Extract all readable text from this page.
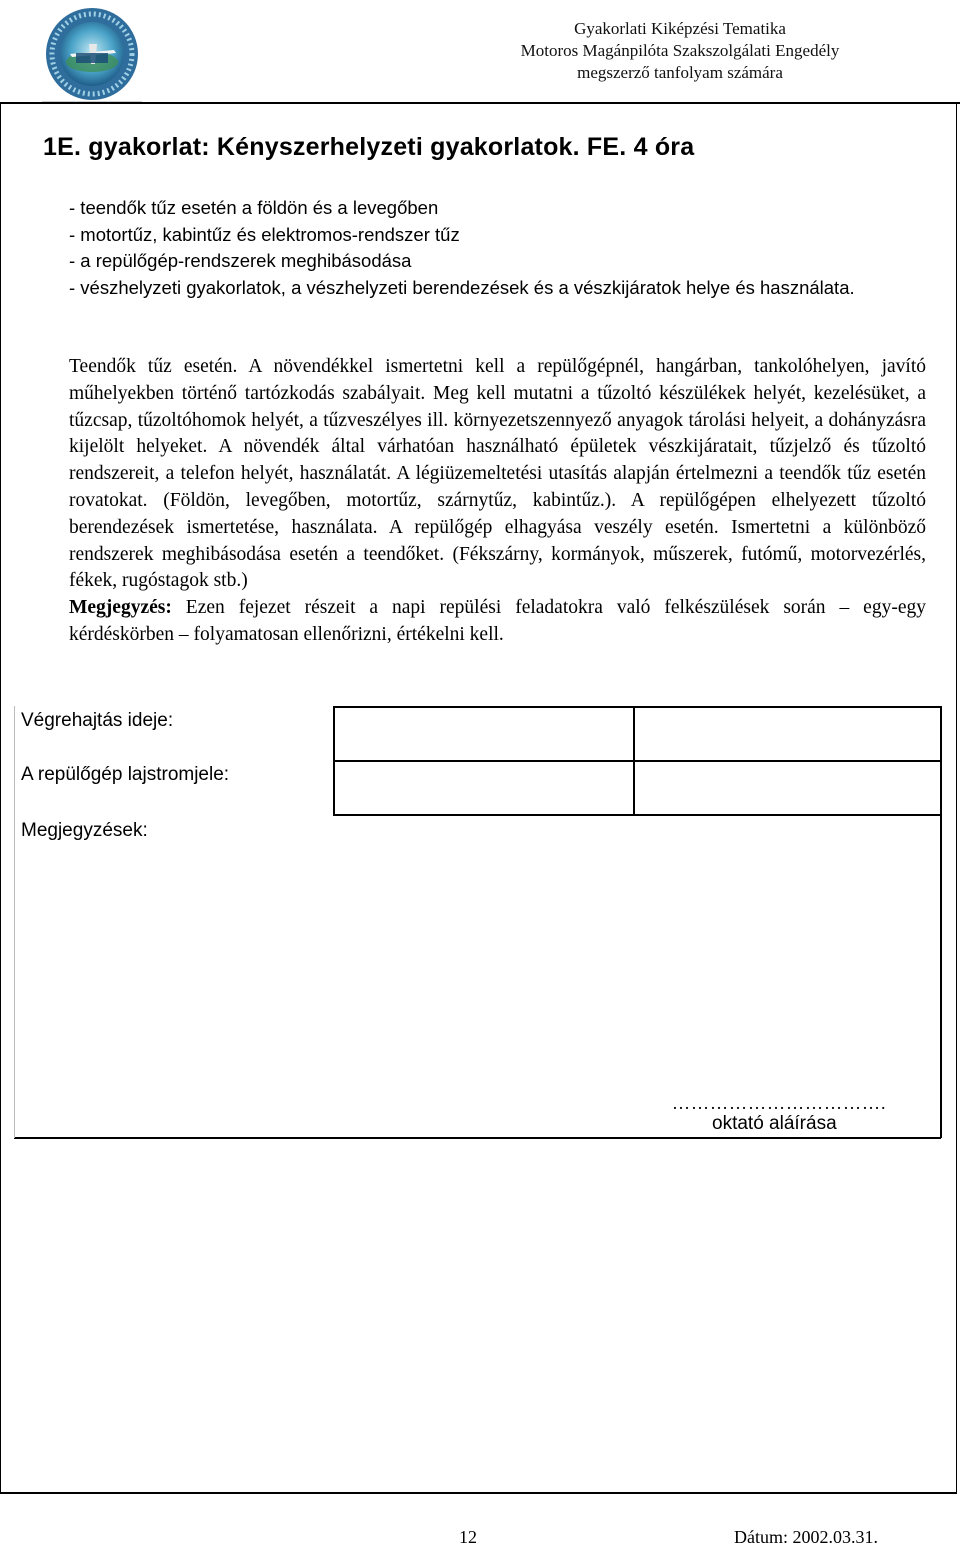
Gyakorlati Kiképzési Tematika
Motoros Magánpilóta Szakszolgálati Engedély
megszerző tanfolyam számára
1E. gyakorlat: Kényszerhelyzeti gyakorlatok. FE. 4 óra
- teendők tűz esetén a földön és a levegőben
- motortűz, kabintűz és elektromos-rendszer tűz
- a repülőgép-rendszerek meghibásodása
- vészhelyzeti gyakorlatok, a vészhelyzeti berendezések és a vészkijáratok helye és használata.

Teendők tűz esetén. A növendékkel ismertetni kell a repülőgépnél, hangárban, tankolóhelyen, javító műhelyekben történő tartózkodás szabályait. Meg kell mutatni a tűzoltó készülékek helyét, kezelésüket, a tűzcsap, tűzoltóhomok helyét, a tűzveszélyes ill. környezetszennyező anyagok tárolási helyeit, a dohányzásra kijelölt helyeket. A növendék által várhatóan használható épületek vészkijáratait, tűzjelző és tűzoltó rendszereit, a telefon helyét, használatát. A légiüzemeltetési utasítás alapján értelmezni a teendők tűz esetén rovatokat. (Földön, levegőben, motortűz, szárnytűz, kabintűz.). A repülőgépen elhelyezett tűzoltó berendezések ismertetése, használata. A repülőgép elhagyása veszély esetén. Ismertetni a különböző rendszerek meghibásodása esetén a teendőket. (Fékszárny, kormányok, műszerek, futómű, motorvezérlés, fékek, rugóstagok stb.)

Megjegyzés: Ezen fejezet részeit a napi repülési feladatokra való felkészülések során – egy-egy kérdéskörben – folyamatosan ellenőrizni, értékelni kell.

Végrehajtás ideje:
A repülőgép lajstromjele:
Megjegyzések:
…………………………….
oktató aláírása
12	Dátum: 2002.03.31.
